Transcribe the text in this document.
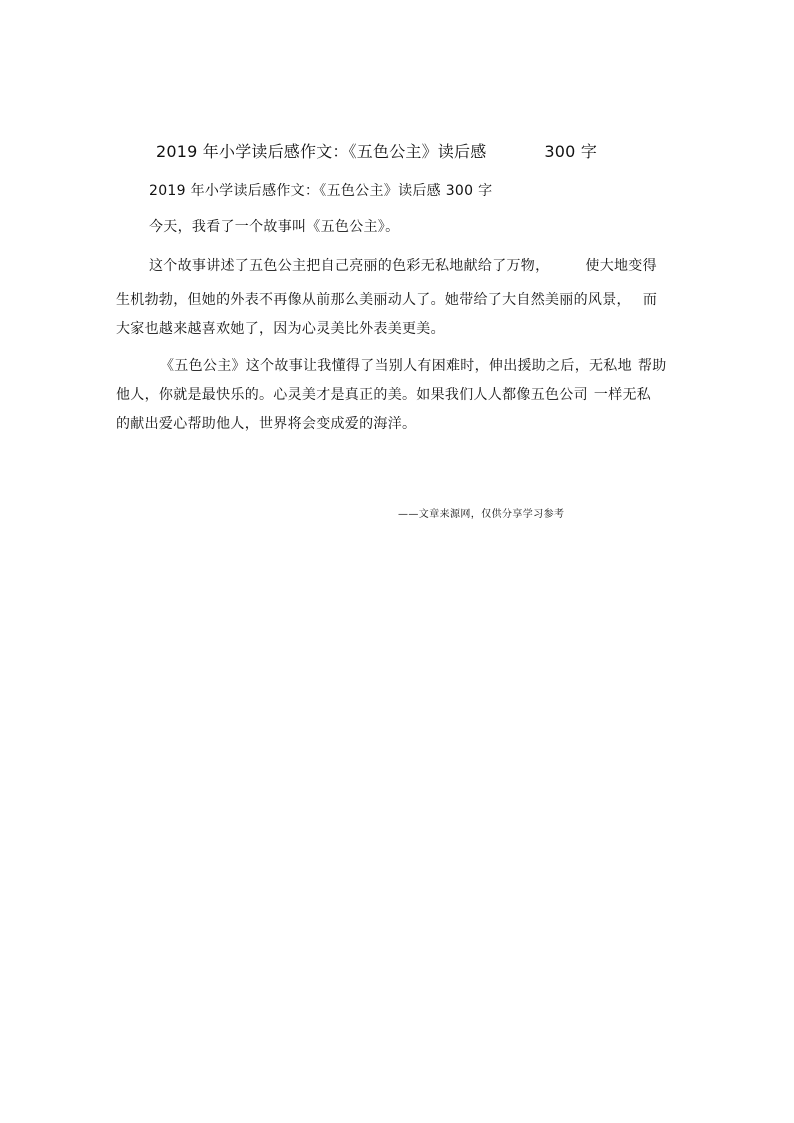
2019 年小学读后感作文：《五色公主》读后感	300 字
2019 年小学读后感作文：《五色公主》读后感 300 字
今天，我看了一个故事叫《五色公主》。
这个故事讲述了五色公主把自己亮丽的色彩无私地献给了万物，	使大地变得
生机勃勃，但她的外表不再像从前那么美丽动人了。她带给了大自然美丽的风景， 而
大家也越来越喜欢她了，因为心灵美比外表美更美。
《五色公主》这个故事让我懂得了当别人有困难时，伸出援助之后，无私地 帮助
他人，你就是最快乐的。心灵美才是真正的美。如果我们人人都像五色公司 一样无私
的献出爱心帮助他人，世界将会变成爱的海洋。
——文章来源网，仅供分享学习参考
